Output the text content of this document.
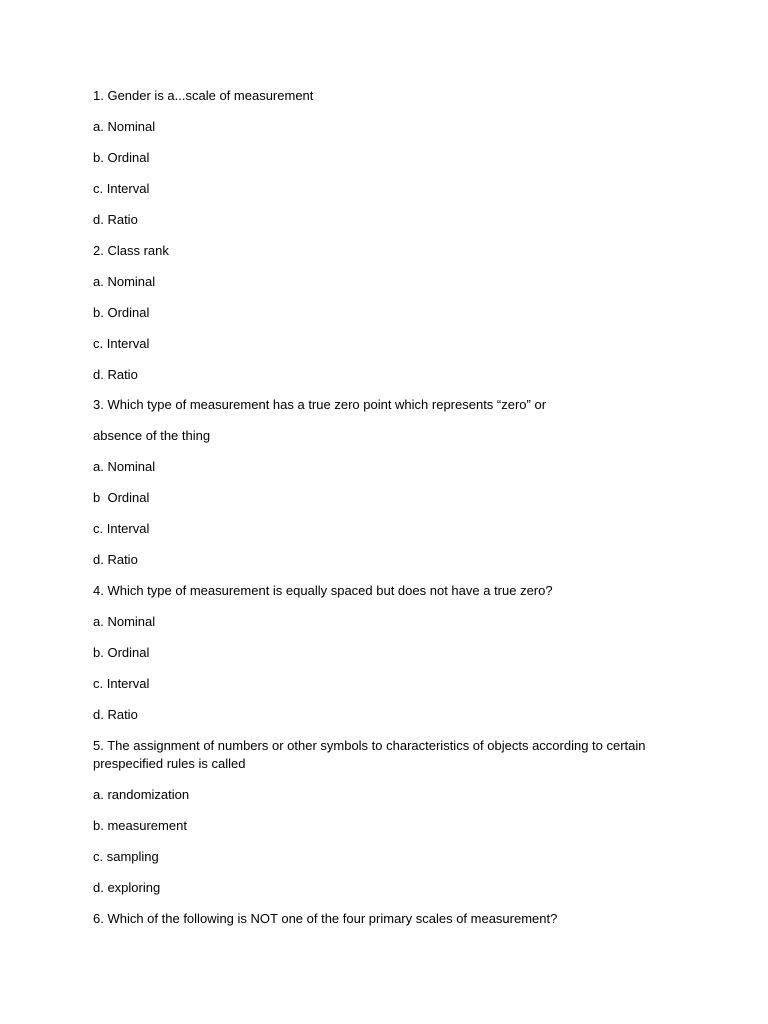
1. Gender is a...scale of measurement

a. Nominal

b. Ordinal

c. Interval

d. Ratio

2. Class rank

a. Nominal

b. Ordinal

c. Interval

d. Ratio

3. Which type of measurement has a true zero point which represents “zero” or

absence of the thing

a. Nominal

b  Ordinal

c. Interval

d. Ratio

4. Which type of measurement is equally spaced but does not have a true zero?

a. Nominal

b. Ordinal

c. Interval

d. Ratio

5. The assignment of numbers or other symbols to characteristics of objects according to certain prespecified rules is called

a. randomization

b. measurement

c. sampling

d. exploring

6. Which of the following is NOT one of the four primary scales of measurement?
